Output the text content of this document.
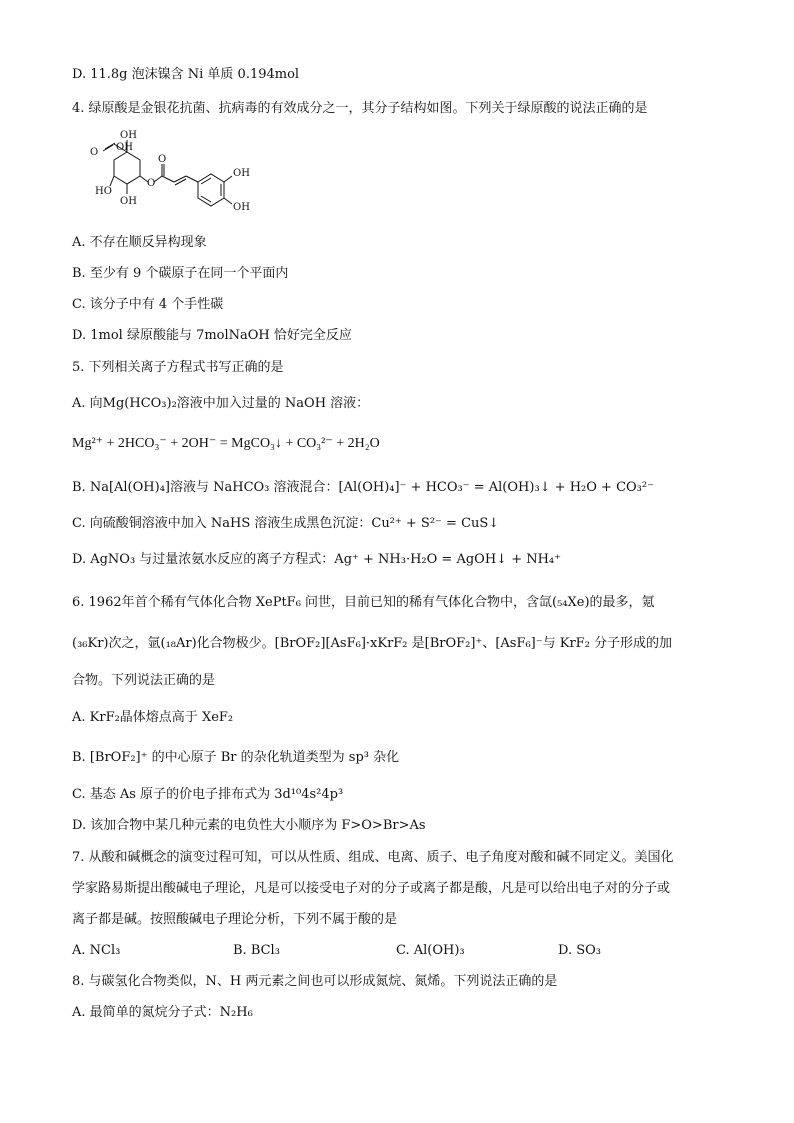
D. 11.8g 泡沫镍含 Ni 单质 0.194mol
4. 绿原酸是金银花抗菌、抗病毒的有效成分之一，其分子结构如图。下列关于绿原酸的说法正确的是
OH
O OH
HO
OH
O
O
OH
OH
A. 不存在顺反异构现象
B. 至少有 9 个碳原子在同一个平面内
C. 该分子中有 4 个手性碳
D. 1mol 绿原酸能与 7molNaOH 恰好完全反应
5. 下列相关离子方程式书写正确的是
A. 向Mg(HCO₃)₂溶液中加入过量的 NaOH 溶液：
Mg²⁺ + 2HCO₃⁻ + 2OH⁻ = MgCO₃↓ + CO₃²⁻ + 2H₂O
B. Na[Al(OH)₄]溶液与 NaHCO₃ 溶液混合：[Al(OH)₄]⁻ + HCO₃⁻ = Al(OH)₃↓ + H₂O + CO₃²⁻
C. 向硫酸铜溶液中加入 NaHS 溶液生成黑色沉淀：Cu²⁺ + S²⁻ = CuS↓
D. AgNO₃ 与过量浓氨水反应的离子方程式：Ag⁺ + NH₃·H₂O = AgOH↓ + NH₄⁺
6. 1962年首个稀有气体化合物 XePtF₆ 问世，目前已知的稀有气体化合物中，含氙(₅₄Xe)的最多，氪
(₃₆Kr)次之，氩(₁₈Ar)化合物极少。[BrOF₂][AsF₆]·xKrF₂ 是[BrOF₂]⁺、[AsF₆]⁻与 KrF₂ 分子形成的加
合物。下列说法正确的是
A. KrF₂晶体熔点高于 XeF₂
B. [BrOF₂]⁺ 的中心原子 Br 的杂化轨道类型为 sp³ 杂化
C. 基态 As 原子的价电子排布式为 3d¹⁰4s²4p³
D. 该加合物中某几种元素的电负性大小顺序为 F>O>Br>As
7. 从酸和碱概念的演变过程可知，可以从性质、组成、电离、质子、电子角度对酸和碱不同定义。美国化
学家路易斯提出酸碱电子理论，凡是可以接受电子对的分子或离子都是酸，凡是可以给出电子对的分子或
离子都是碱。按照酸碱电子理论分析，下列不属于酸的是
A. NCl₃	B. BCl₃	C. Al(OH)₃	D. SO₃
8. 与碳氢化合物类似，N、H 两元素之间也可以形成氮烷、氮烯。下列说法正确的是
A. 最简单的氮烷分子式：N₂H₆
